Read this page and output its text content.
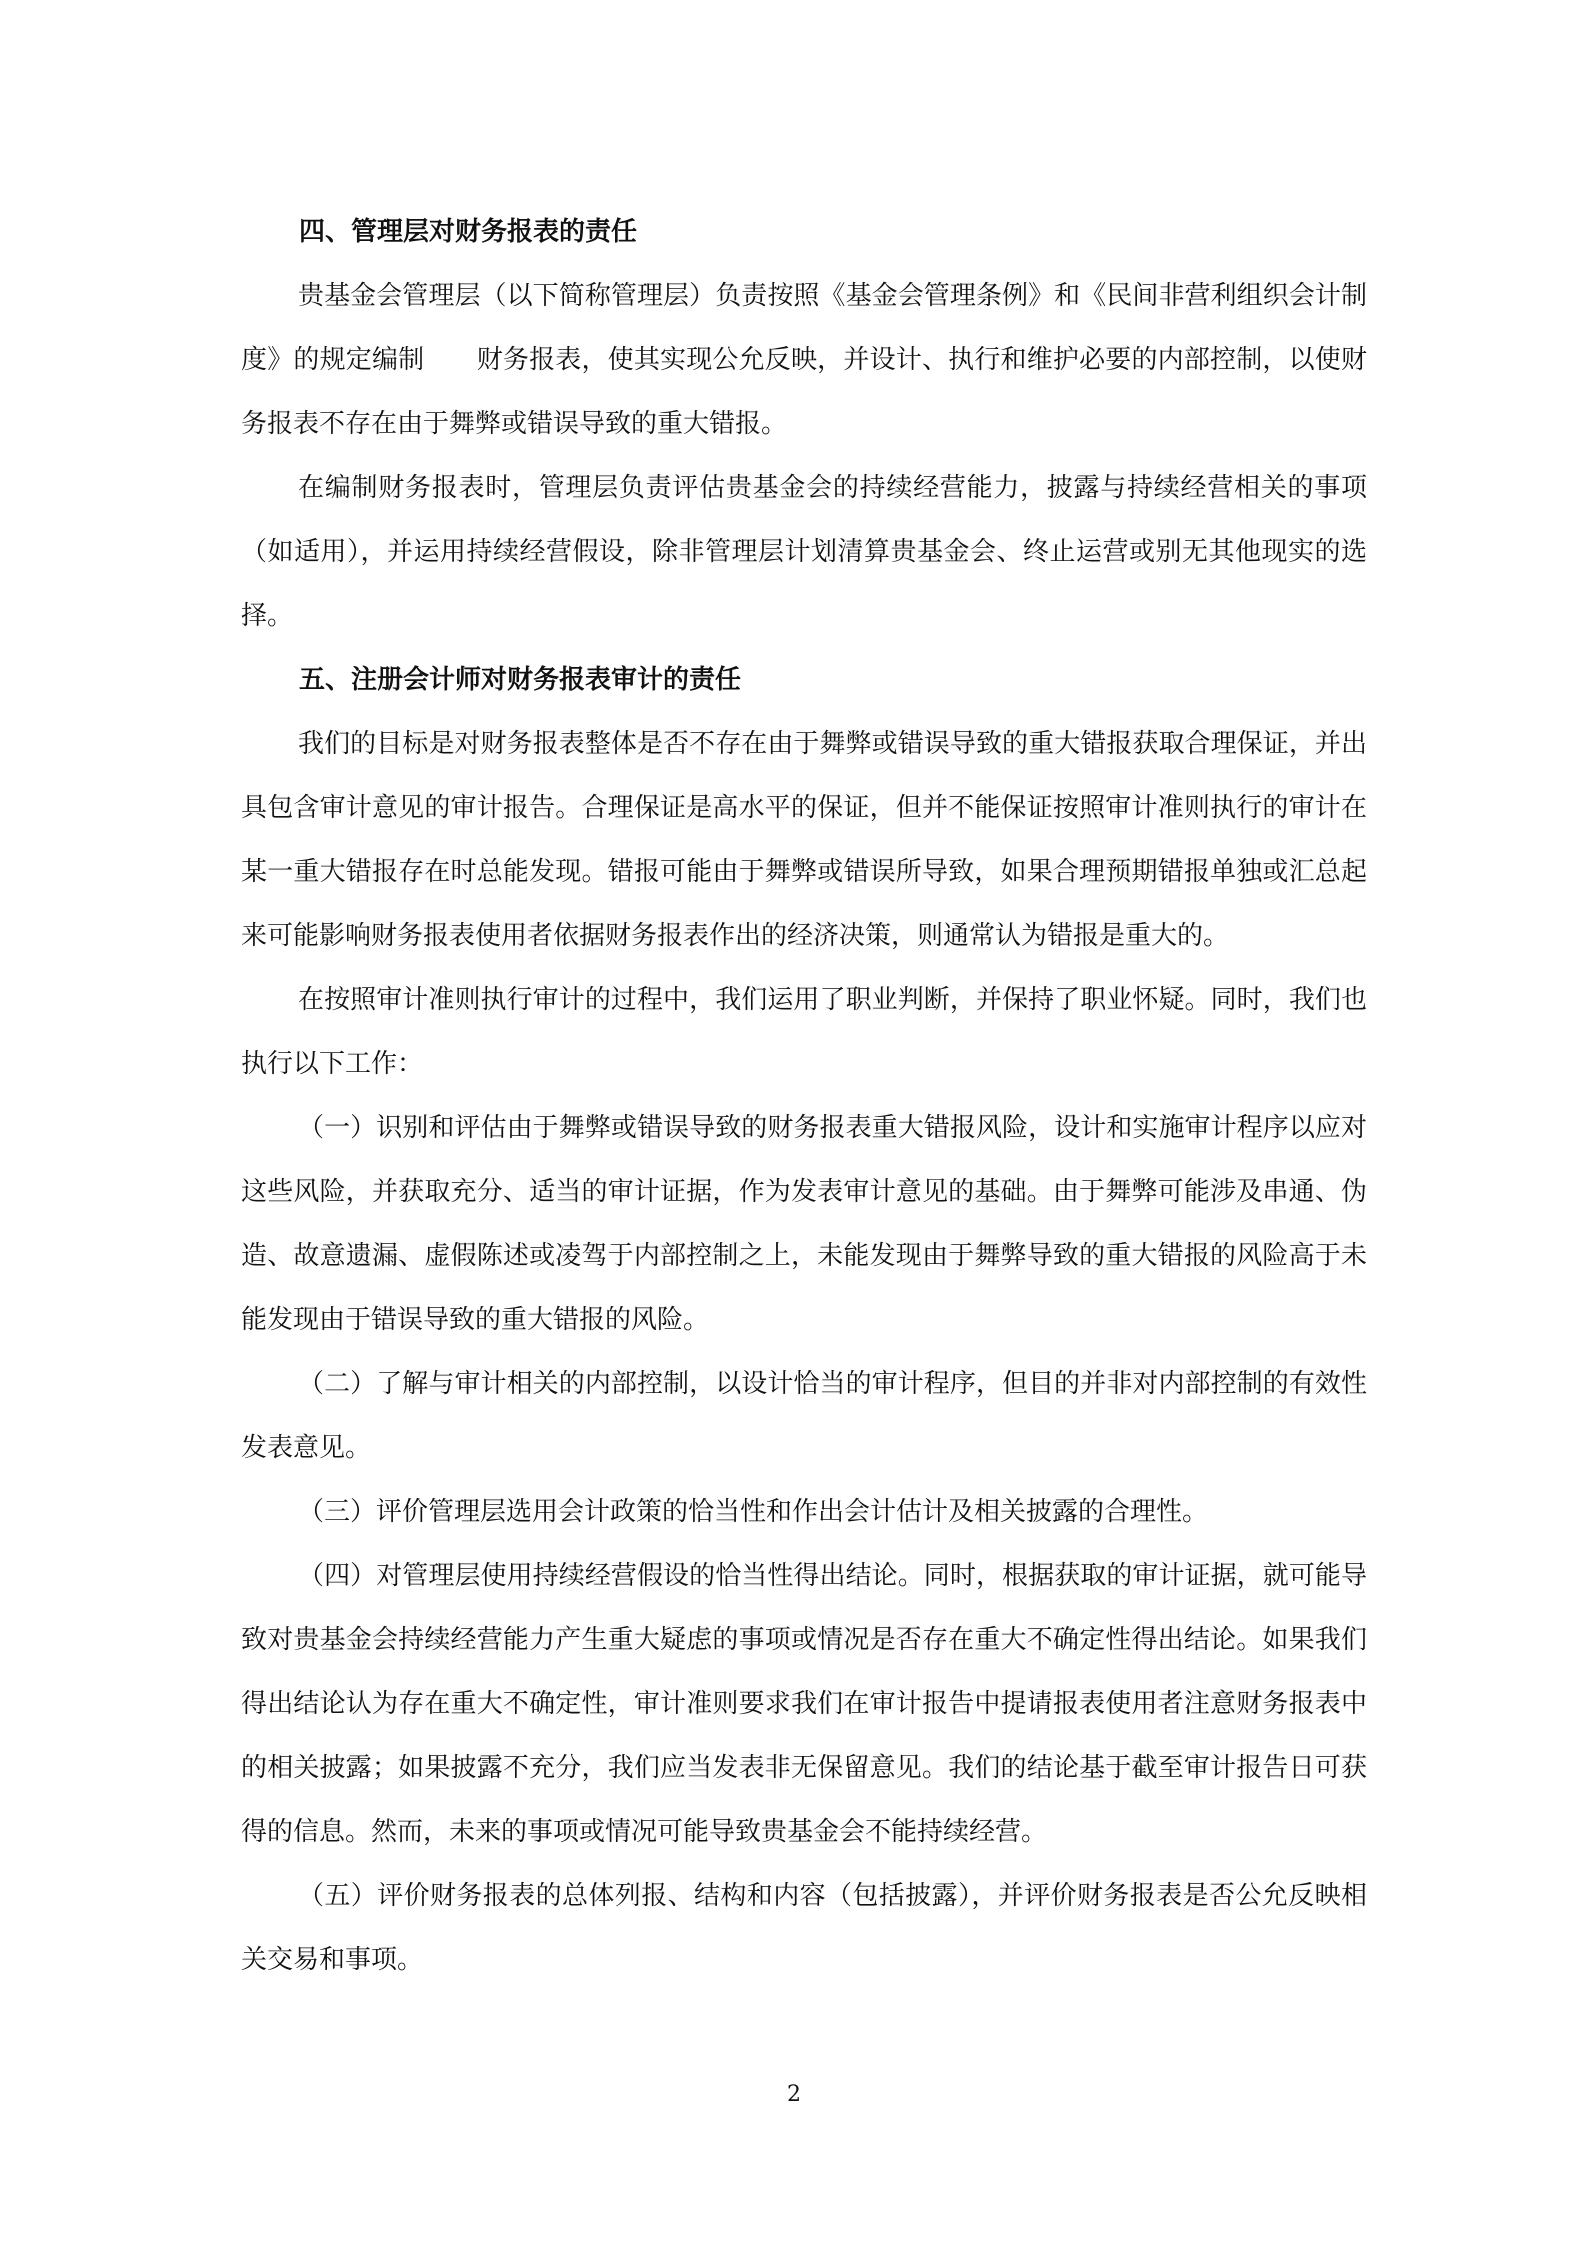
四、管理层对财务报表的责任

贵基金会管理层（以下简称管理层）负责按照《基金会管理条例》和《民间非营利组织会计制度》的规定编制　　财务报表，使其实现公允反映，并设计、执行和维护必要的内部控制，以使财务报表不存在由于舞弊或错误导致的重大错报。

在编制财务报表时，管理层负责评估贵基金会的持续经营能力，披露与持续经营相关的事项（如适用），并运用持续经营假设，除非管理层计划清算贵基金会、终止运营或别无其他现实的选择。

五、注册会计师对财务报表审计的责任

我们的目标是对财务报表整体是否不存在由于舞弊或错误导致的重大错报获取合理保证，并出具包含审计意见的审计报告。合理保证是高水平的保证，但并不能保证按照审计准则执行的审计在某一重大错报存在时总能发现。错报可能由于舞弊或错误所导致，如果合理预期错报单独或汇总起来可能影响财务报表使用者依据财务报表作出的经济决策，则通常认为错报是重大的。

在按照审计准则执行审计的过程中，我们运用了职业判断，并保持了职业怀疑。同时，我们也执行以下工作：

（一）识别和评估由于舞弊或错误导致的财务报表重大错报风险，设计和实施审计程序以应对这些风险，并获取充分、适当的审计证据，作为发表审计意见的基础。由于舞弊可能涉及串通、伪造、故意遗漏、虚假陈述或凌驾于内部控制之上，未能发现由于舞弊导致的重大错报的风险高于未能发现由于错误导致的重大错报的风险。

（二）了解与审计相关的内部控制，以设计恰当的审计程序，但目的并非对内部控制的有效性发表意见。

（三）评价管理层选用会计政策的恰当性和作出会计估计及相关披露的合理性。

（四）对管理层使用持续经营假设的恰当性得出结论。同时，根据获取的审计证据，就可能导致对贵基金会持续经营能力产生重大疑虑的事项或情况是否存在重大不确定性得出结论。如果我们得出结论认为存在重大不确定性，审计准则要求我们在审计报告中提请报表使用者注意财务报表中的相关披露；如果披露不充分，我们应当发表非无保留意见。我们的结论基于截至审计报告日可获得的信息。然而，未来的事项或情况可能导致贵基金会不能持续经营。

（五）评价财务报表的总体列报、结构和内容（包括披露），并评价财务报表是否公允反映相关交易和事项。

2
